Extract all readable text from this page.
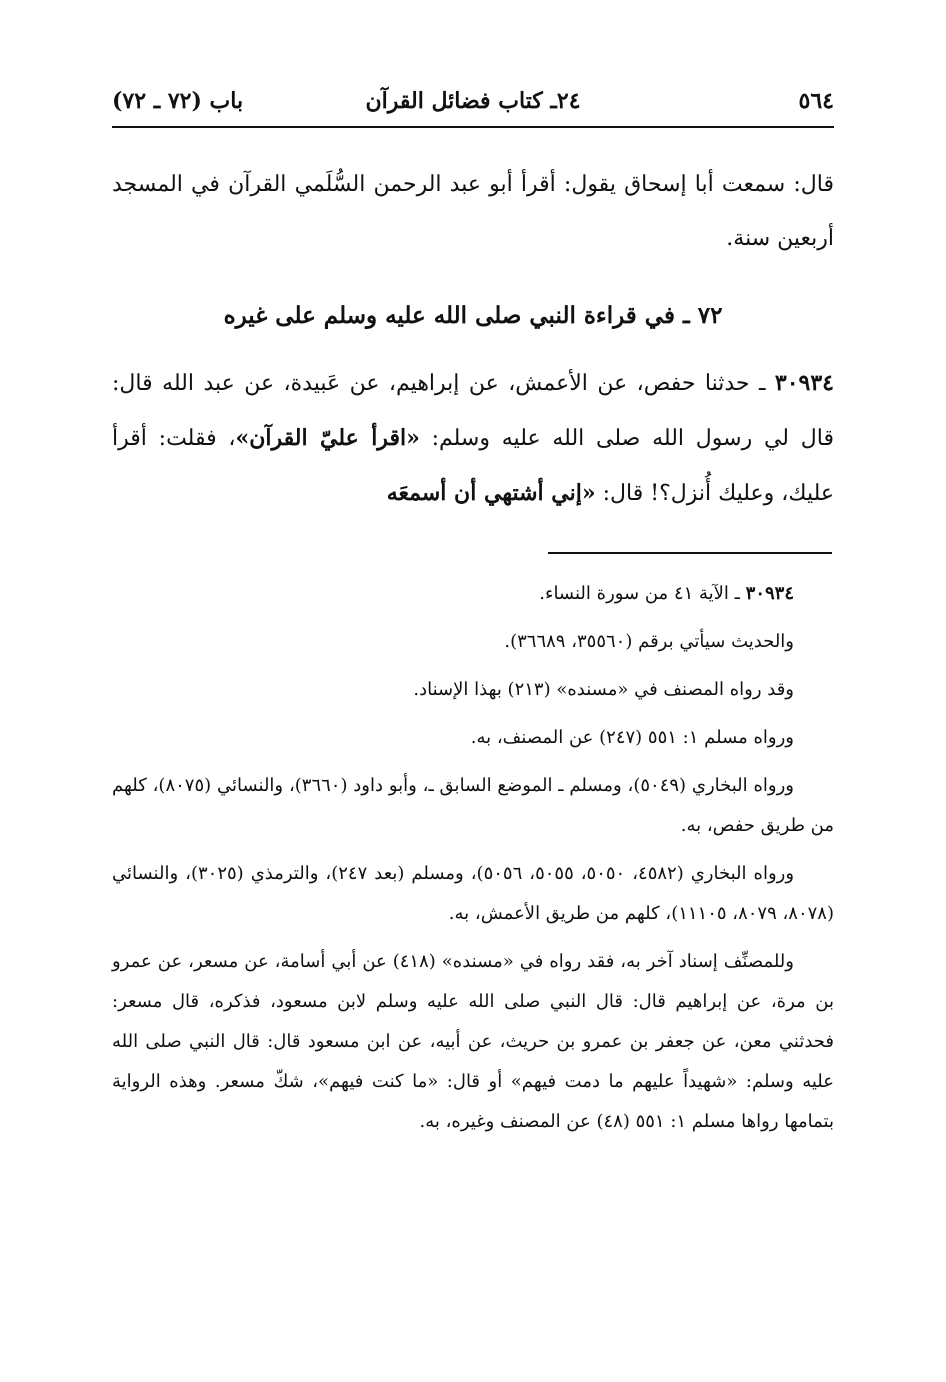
٥٦٤
٢٤ـ كتاب فضائل القرآن
باب (٧٢ ـ ٧٢)
قال: سمعت أبا إسحاق يقول: أقرأ أبو عبد الرحمن السُّلَمي القرآن في المسجد أربعين سنة.
٧٢ ـ في قراءة النبي صلى الله عليه وسلم على غيره
٣٠٩٣٤ ـ حدثنا حفص، عن الأعمش، عن إبراهيم، عن عَبيدة، عن عبد الله قال: قال لي رسول الله صلى الله عليه وسلم: «اقرأ عليّ القرآن»، فقلت: أقرأ عليك، وعليك أُنزل؟! قال: «إني أشتهي أن أسمعَه

٣٠٩٣٤ ـ الآية ٤١ من سورة النساء.

والحديث سيأتي برقم (٣٥٥٦٠، ٣٦٦٨٩).

وقد رواه المصنف في «مسنده» (٢١٣) بهذا الإسناد.

ورواه مسلم ١: ٥٥١ (٢٤٧) عن المصنف، به.

ورواه البخاري (٥٠٤٩)، ومسلم ـ الموضع السابق ـ، وأبو داود (٣٦٦٠)، والنسائي (٨٠٧٥)، كلهم من طريق حفص، به.

ورواه البخاري (٤٥٨٢، ٥٠٥٠، ٥٠٥٥، ٥٠٥٦)، ومسلم (بعد ٢٤٧)، والترمذي (٣٠٢٥)، والنسائي (٨٠٧٨، ٨٠٧٩، ١١١٠٥)، كلهم من طريق الأعمش، به.

وللمصنِّف إسناد آخر به، فقد رواه في «مسنده» (٤١٨) عن أبي أسامة، عن مسعر، عن عمرو بن مرة، عن إبراهيم قال: قال النبي صلى الله عليه وسلم لابن مسعود، فذكره، قال مسعر: فحدثني معن، عن جعفر بن عمرو بن حريث، عن أبيه، عن ابن مسعود قال: قال النبي صلى الله عليه وسلم: «شهيداً عليهم ما دمت فيهم» أو قال: «ما كنت فيهم»، شكّ مسعر. وهذه الرواية بتمامها رواها مسلم ١: ٥٥١ (٤٨) عن المصنف وغيره، به.
